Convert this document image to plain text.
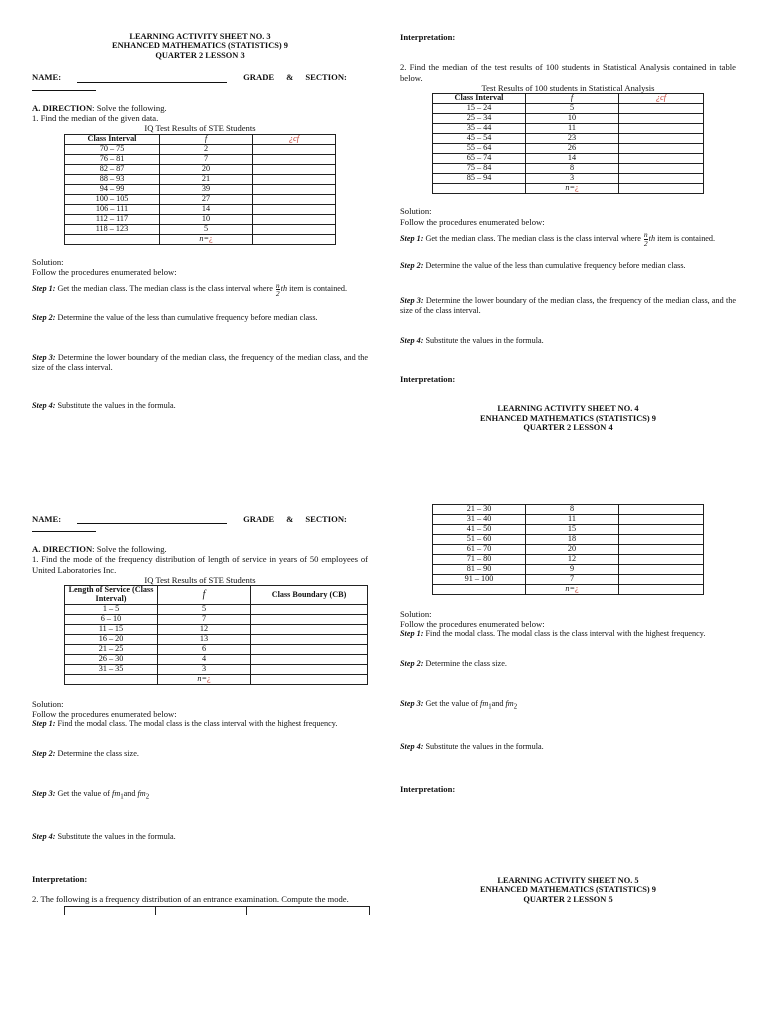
LEARNING ACTIVITY SHEET NO. 3
ENHANCED MATHEMATICS (STATISTICS) 9
QUARTER 2 LESSON 3
NAME:	GRADE & SECTION:
A. DIRECTION: Solve the following.
1. Find the median of the given data.
IQ Test Results of STE Students
Class Interval	f	¿cf
70 – 75	2	
76 – 81	7	
82 – 87	20	
88 – 93	21	
94 – 99	39	
100 – 105	27	
106 – 111	14	
112 – 117	10	
118 – 123	5	
	n=¿	
Solution:
Follow the procedures enumerated below:
Step 1: Get the median class. The median class is the class interval where $\frac{n}{2}$ th item is contained.
Step 2: Determine the value of the less than cumulative frequency before median class.
Step 3: Determine the lower boundary of the median class, the frequency of the median class, and the size of the class interval.
Step 4: Substitute the values in the formula.
NAME:	GRADE & SECTION:
A. DIRECTION: Solve the following.
1. Find the mode of the frequency distribution of length of service in years of 50 employees of United Laboratories Inc.
IQ Test Results of STE Students
Length of Service (Class Interval)	f	Class Boundary (CB)
1 – 5	5	
6 – 10	7	
11 – 15	12	
16 – 20	13	
21 – 25	6	
26 – 30	4	
31 – 35	3	
	n=¿	
Solution:
Follow the procedures enumerated below:
Step 1: Find the modal class. The modal class is the class interval with the highest frequency.
Step 2: Determine the class size.
Step 3: Get the value of $fm_1and$ $fm_2$
Step 4: Substitute the values in the formula.
Interpretation:
2. The following is a frequency distribution of an entrance examination. Compute the mode.
Interpretation:
2. Find the median of the test results of 100 students in Statistical Analysis contained in table below.
Test Results of 100 students in Statistical Analysis
Class Interval	f	¿cf
15 – 24	5	
25 – 34	10	
35 – 44	11	
45 – 54	23	
55 – 64	26	
65 – 74	14	
75 – 84	8	
85 – 94	3	
	n=¿	
Solution:
Follow the procedures enumerated below:
Step 1: Get the median class. The median class is the class interval where $\frac{n}{2}$ th item is contained.
Step 2: Determine the value of the less than cumulative frequency before median class.
Step 3: Determine the lower boundary of the median class, the frequency of the median class, and the size of the class interval.
Step 4: Substitute the values in the formula.
Interpretation:
LEARNING ACTIVITY SHEET NO. 4
ENHANCED MATHEMATICS (STATISTICS) 9
QUARTER 2 LESSON 4
21 – 30	8	
31 – 40	11	
41 – 50	15	
51 – 60	18	
61 – 70	20	
71 – 80	12	
81 – 90	9	
91 – 100	7	
	n=¿	
Solution:
Follow the procedures enumerated below:
Step 1: Find the modal class. The modal class is the class interval with the highest frequency.
Step 2: Determine the class size.
Step 3: Get the value of $fm_1and$ $fm_2$
Step 4: Substitute the values in the formula.
Interpretation:
LEARNING ACTIVITY SHEET NO. 5
ENHANCED MATHEMATICS (STATISTICS) 9
QUARTER 2 LESSON 5
